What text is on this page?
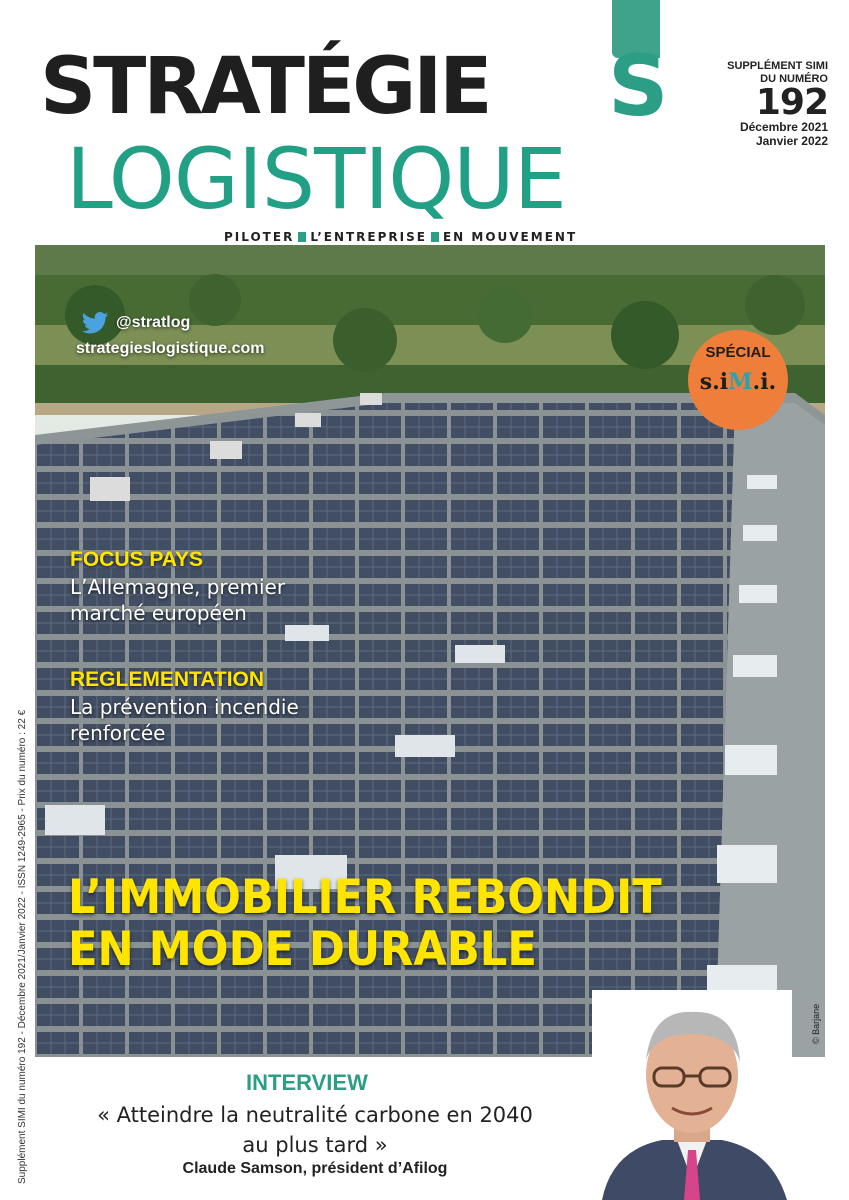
STRATÉGIE S
LOGISTIQUE
PILOTER L’ENTREPRISE EN MOUVEMENT
SUPPLÉMENT SIMI
DU NUMÉRO
192
Décembre 2021
Janvier 2022
@stratlog
strategieslogistique.com	SPÉCIAL
s.iM.i.
FOCUS PAYS
L’Allemagne, premier
marché européen
REGLEMENTATION
La prévention incendie
renforcée
L’IMMOBILIER REBONDIT
EN MODE DURABLE
© Barjane
Supplément SIMI du numéro 192 - Décembre 2021/Janvier 2022 - ISSN 1249-2965 - Prix du numéro : 22 €	INTERVIEW
« Atteindre la neutralité carbone en 2040
au plus tard »
Claude Samson, président d’Afilog
